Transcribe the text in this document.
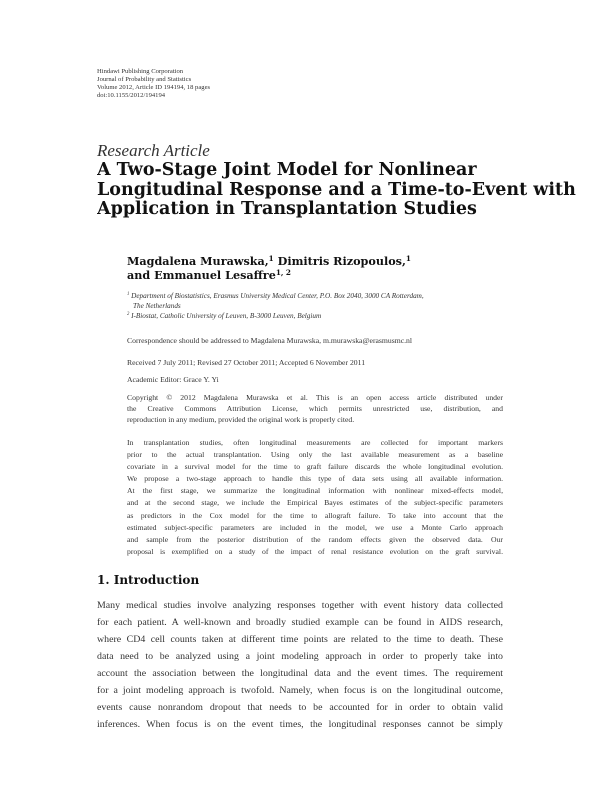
Hindawi Publishing Corporation
Journal of Probability and Statistics
Volume 2012, Article ID 194194, 18 pages
doi:10.1155/2012/194194
Research Article
A Two-Stage Joint Model for Nonlinear
Longitudinal Response and a Time-to-Event with
Application in Transplantation Studies
Magdalena Murawska,$^1$ Dimitris Rizopoulos,$^1$
and Emmanuel Lesaffre$^{1, 2}$
$^1$ Department of Biostatistics, Erasmus University Medical Center, P.O. Box 2040, 3000 CA Rotterdam,
The Netherlands
$^2$ I-Biostat, Catholic University of Leuven, B-3000 Leuven, Belgium
Correspondence should be addressed to Magdalena Murawska, m.murawska@erasmusmc.nl
Received 7 July 2011; Revised 27 October 2011; Accepted 6 November 2011
Academic Editor: Grace Y. Yi
Copyright © 2012 Magdalena Murawska et al. This is an open access article distributed under
the Creative Commons Attribution License, which permits unrestricted use, distribution, and
reproduction in any medium, provided the original work is properly cited.
In transplantation studies, often longitudinal measurements are collected for important markers
prior to the actual transplantation. Using only the last available measurement as a baseline
covariate in a survival model for the time to graft failure discards the whole longitudinal evolution.
We propose a two-stage approach to handle this type of data sets using all available information.
At the first stage, we summarize the longitudinal information with nonlinear mixed-effects model,
and at the second stage, we include the Empirical Bayes estimates of the subject-specific parameters
as predictors in the Cox model for the time to allograft failure. To take into account that the
estimated subject-specific parameters are included in the model, we use a Monte Carlo approach
and sample from the posterior distribution of the random effects given the observed data. Our
proposal is exemplified on a study of the impact of renal resistance evolution on the graft survival.
1. Introduction
Many medical studies involve analyzing responses together with event history data collected
for each patient. A well-known and broadly studied example can be found in AIDS research,
where CD4 cell counts taken at different time points are related to the time to death. These
data need to be analyzed using a joint modeling approach in order to properly take into
account the association between the longitudinal data and the event times. The requirement
for a joint modeling approach is twofold. Namely, when focus is on the longitudinal outcome,
events cause nonrandom dropout that needs to be accounted for in order to obtain valid
inferences. When focus is on the event times, the longitudinal responses cannot be simply
